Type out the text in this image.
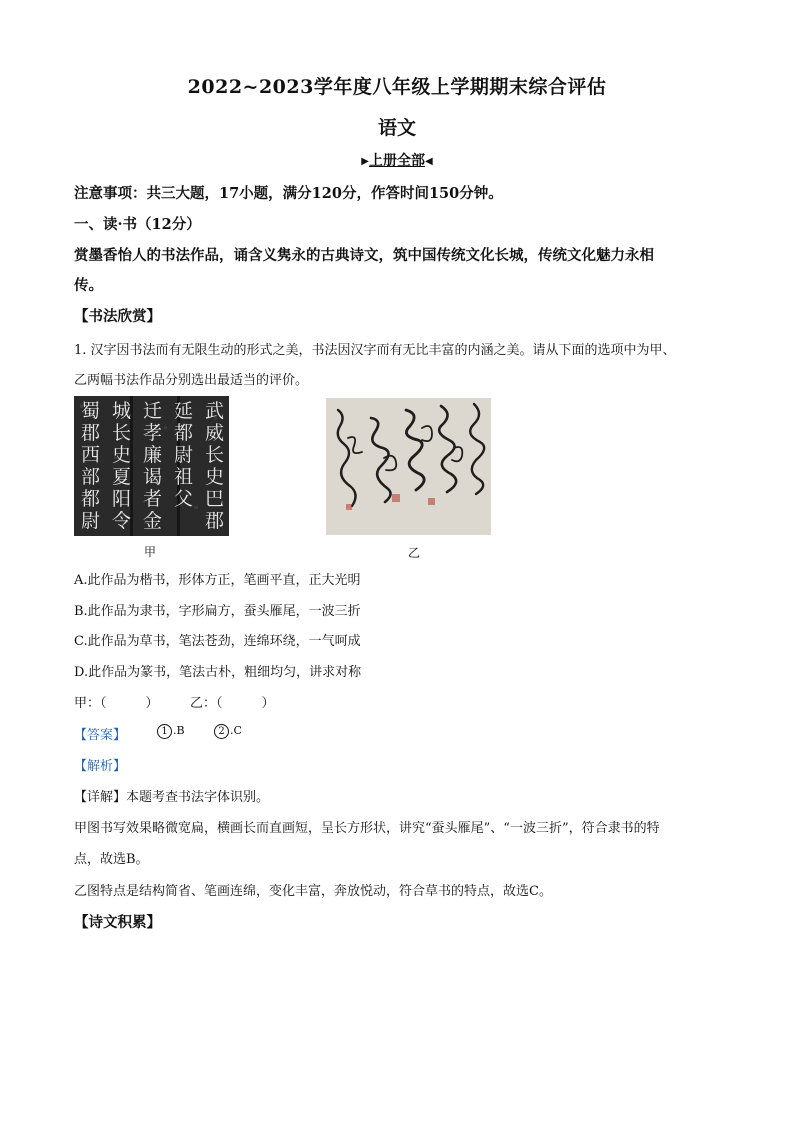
2022~2023学年度八年级上学期期末综合评估
语文
▶上册全部◀
注意事项：共三大题，17小题，满分120分，作答时间150分钟。
一、读·书（12分）
赏墨香怡人的书法作品，诵含义隽永的古典诗文，筑中国传统文化长城，传统文化魅力永相
传。
【书法欣赏】
1. 汉字因书法而有无限生动的形式之美，书法因汉字而有无比丰富的内涵之美。请从下面的选项中为甲、
乙两幅书法作品分别选出最适当的评价。
蜀郡西部都尉
城长史夏阳令
迁孝廉谒者金
延都尉祖父
武威长史巴郡
甲	乙
A.此作品为楷书，形体方正，笔画平直，正大光明
B.此作品为隶书，字形扁方，蚕头雁尾，一波三折
C.此作品为草书，笔法苍劲，连绵环绕，一气呵成
D.此作品为篆书，笔法古朴，粗细均匀，讲求对称
甲：（　　　） 乙：（　　　）
【答案】	1 .B	2 .C
【解析】
【详解】本题考查书法字体识别。
甲图书写效果略微宽扁，横画长而直画短，呈长方形状，讲究“蚕头雁尾”、“一波三折”，符合隶书的特
点，故选B。
乙图特点是结构简省、笔画连绵，变化丰富，奔放悦动，符合草书的特点，故选C。
【诗文积累】
